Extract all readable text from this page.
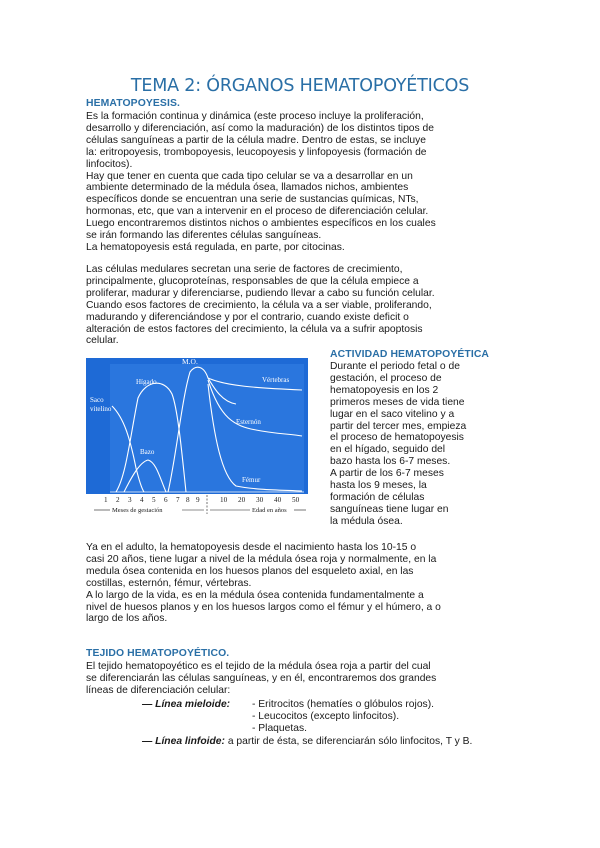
TEMA 2: ÓRGANOS HEMATOPOYÉTICOS
HEMATOPOYESIS.
Es la formación continua y dinámica (este proceso incluye la proliferación,
desarrollo y diferenciación, así como la maduración) de los distintos tipos de
células sanguíneas a partir de la célula madre. Dentro de estas, se incluye
la: eritropoyesis, trombopoyesis, leucopoyesis y linfopoyesis (formación de
linfocitos).
Hay que tener en cuenta que cada tipo celular se va a desarrollar en un
ambiente determinado de la médula ósea, llamados nichos, ambientes
específicos donde se encuentran una serie de sustancias químicas, NTs,
hormonas, etc, que van a intervenir en el proceso de diferenciación celular.
Luego encontraremos distintos nichos o ambientes específicos en los cuales
se irán formando las diferentes células sanguíneas.
La hematopoyesis está regulada, en parte, por citocinas.
Las células medulares secretan una serie de factores de crecimiento,
principalmente, glucoproteínas, responsables de que la célula empiece a
proliferar, madurar y diferenciarse, pudiendo llevar a cabo su función celular.
Cuando esos factores de crecimiento, la célula va a ser viable, proliferando,
madurando y diferenciándose y por el contrario, cuando existe deficit o
alteración de estos factores del crecimiento, la célula va a sufrir apoptosis
celular.
M.O.
Hígado
Saco
vitelino
Vértebras
Esternón
Bazo
Fémur
1 2 3 4 5 6 7 8 9	10 20 30 40 50
Meses de gestación	Edad en años
ACTIVIDAD HEMATOPOYÉTICA
Durante el periodo fetal o de
gestación, el proceso de
hematopoyesis en los 2
primeros meses de vida tiene
lugar en el saco vitelino y a
partir del tercer mes, empieza
el proceso de hematopoyesis
en el hígado, seguido del
bazo hasta los 6-7 meses.
A partir de los 6-7 meses
hasta los 9 meses, la
formación de células
sanguíneas tiene lugar en
la médula ósea.
Ya en el adulto, la hematopoyesis desde el nacimiento hasta los 10-15 o
casi 20 años, tiene lugar a nivel de la médula ósea roja y normalmente, en la
medula ósea contenida en los huesos planos del esqueleto axial, en las
costillas, esternón, fémur, vértebras.
A lo largo de la vida, es en la médula ósea contenida fundamentalmente a
nivel de huesos planos y en los huesos largos como el fémur y el húmero, a o
largo de los años.
TEJIDO HEMATOPOYÉTICO.
El tejido hematopoyético es el tejido de la médula ósea roja a partir del cual
se diferenciarán las células sanguíneas, y en él, encontraremos dos grandes
líneas de diferenciación celular:
— Línea mieloide: - Eritrocitos (hematíes o glóbulos rojos).
- Leucocitos (excepto linfocitos).
- Plaquetas.
— Línea linfoide: a partir de ésta, se diferenciarán sólo linfocitos, T y B.
